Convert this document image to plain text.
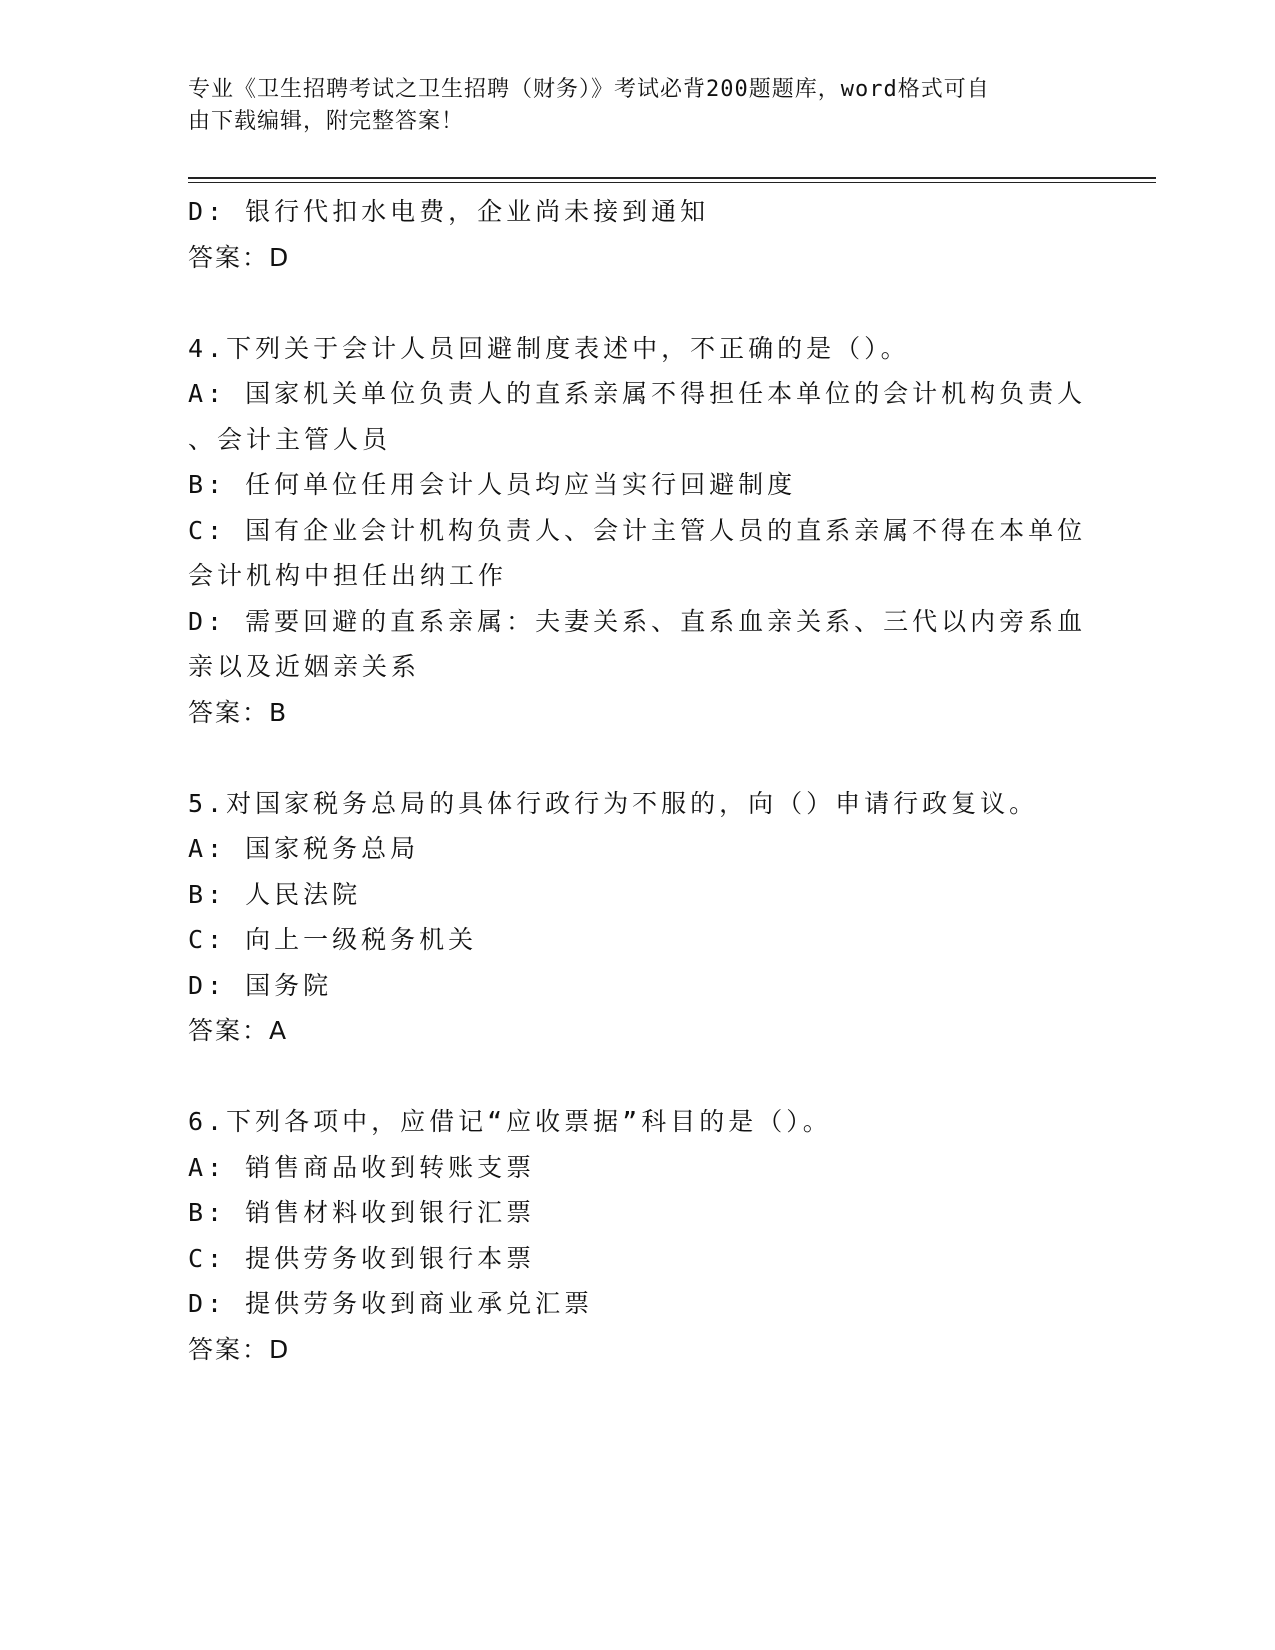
专业《卫生招聘考试之卫生招聘（财务）》考试必背200题题库，word格式可自
由下载编辑，附完整答案！
D: 银行代扣水电费，企业尚未接到通知
答案：D
4.下列关于会计人员回避制度表述中，不正确的是（）。
A: 国家机关单位负责人的直系亲属不得担任本单位的会计机构负责人
、会计主管人员
B: 任何单位任用会计人员均应当实行回避制度
C: 国有企业会计机构负责人、会计主管人员的直系亲属不得在本单位
会计机构中担任出纳工作
D: 需要回避的直系亲属：夫妻关系、直系血亲关系、三代以内旁系血
亲以及近姻亲关系
答案：B
5.对国家税务总局的具体行政行为不服的，向（）申请行政复议。
A: 国家税务总局
B: 人民法院
C: 向上一级税务机关
D: 国务院
答案：A
6.下列各项中，应借记“应收票据”科目的是（）。
A: 销售商品收到转账支票
B: 销售材料收到银行汇票
C: 提供劳务收到银行本票
D: 提供劳务收到商业承兑汇票
答案：D
